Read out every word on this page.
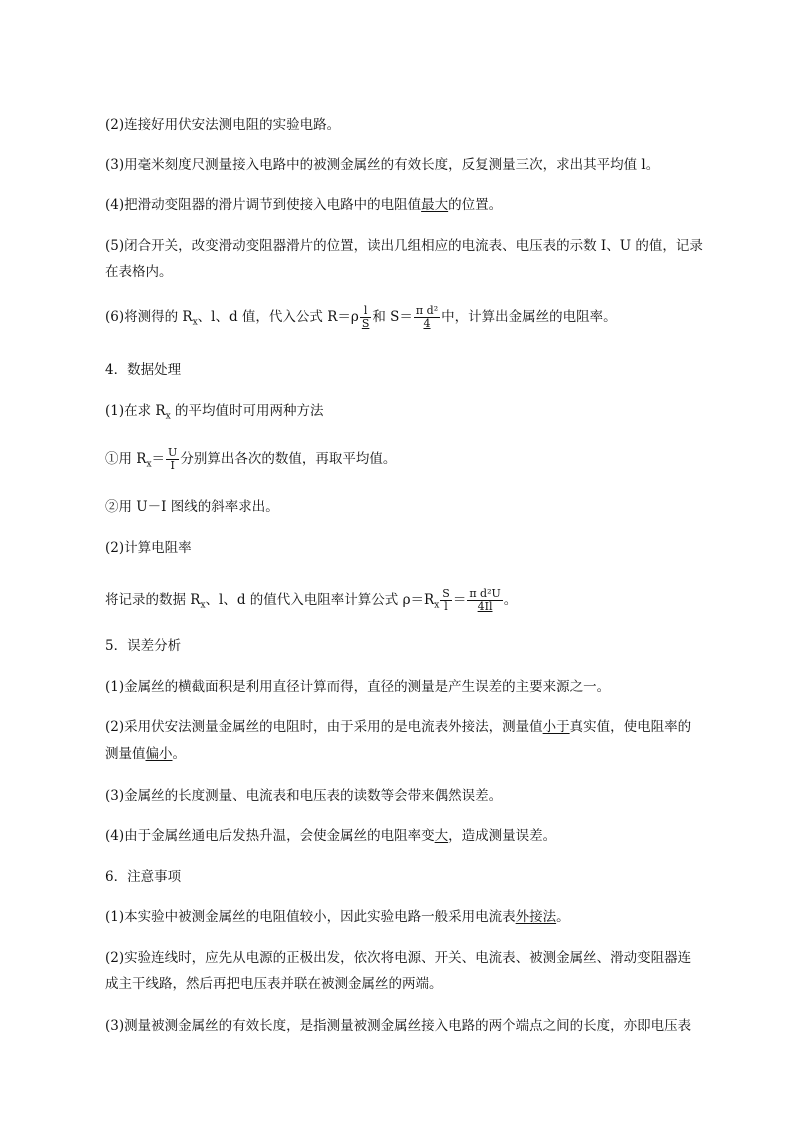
(2)连接好用伏安法测电阻的实验电路。
(3)用毫米刻度尺测量接入电路中的被测金属丝的有效长度，反复测量三次，求出其平均值 l。
(4)把滑动变阻器的滑片调节到使接入电路中的电阻值最大的位置。
(5)闭合开关，改变滑动变阻器滑片的位置，读出几组相应的电流表、电压表的示数 I、U 的值，记录
在表格内。
(6)将测得的 $R_x$、l、d 值，代入公式 $R=\rho \frac{l}{S}$ 和 $S= \frac{\text{π d²}}{4}$ 中，计算出金属丝的电阻率。
4．数据处理
(1)在求 $R_x$ 的平均值时可用两种方法
①用 $R_x= \frac{U}{I}$ 分别算出各次的数值，再取平均值。
②用 U－I 图线的斜率求出。
(2)计算电阻率
将记录的数据 $R_x$、l、d 的值代入电阻率计算公式 $\rho=R_x \frac{S}{l} = \frac{\text{π d²U}}{4Il}$ 。
5．误差分析
(1)金属丝的横截面积是利用直径计算而得，直径的测量是产生误差的主要来源之一。
(2)采用伏安法测量金属丝的电阻时，由于采用的是电流表外接法，测量值小于真实值，使电阻率的
测量值偏小。
(3)金属丝的长度测量、电流表和电压表的读数等会带来偶然误差。
(4)由于金属丝通电后发热升温，会使金属丝的电阻率变大，造成测量误差。
6．注意事项
(1)本实验中被测金属丝的电阻值较小，因此实验电路一般采用电流表外接法。
(2)实验连线时，应先从电源的正极出发，依次将电源、开关、电流表、被测金属丝、滑动变阻器连
成主干线路，然后再把电压表并联在被测金属丝的两端。
(3)测量被测金属丝的有效长度，是指测量被测金属丝接入电路的两个端点之间的长度，亦即电压表
